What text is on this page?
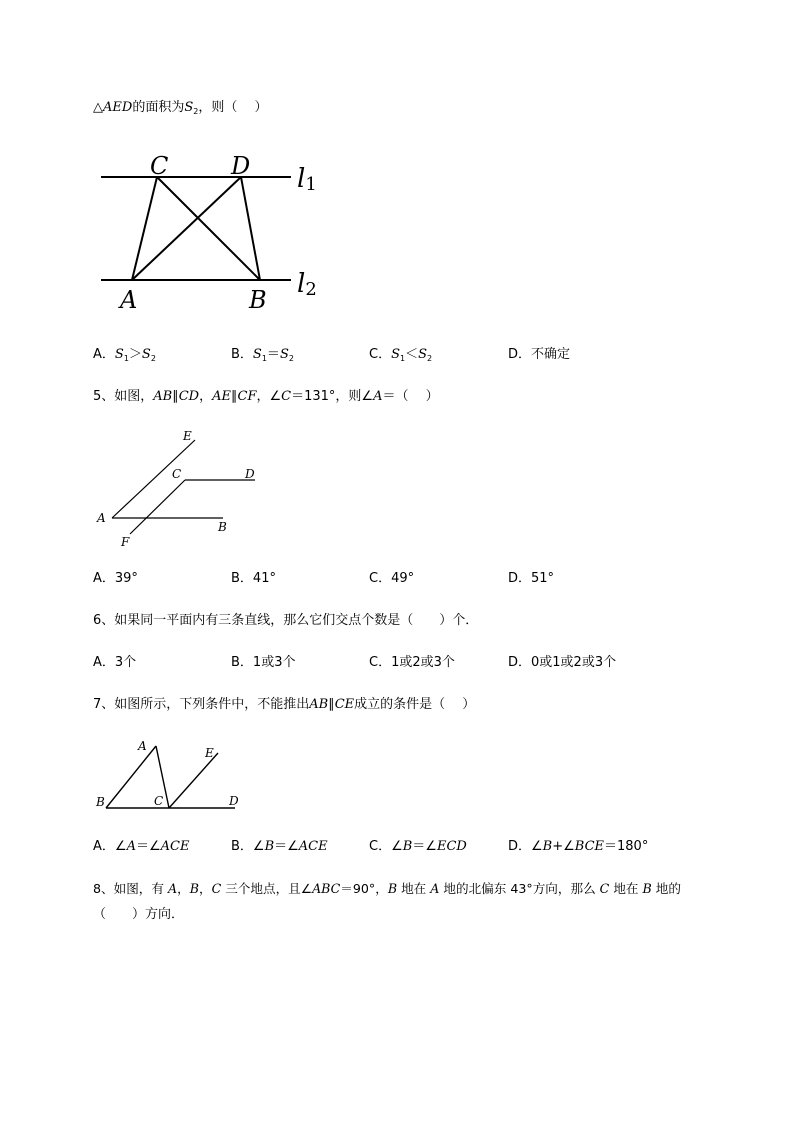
△AED的面积为$S_2$，则（　 ）
C	D
A	B
l1
l2
A．$S_1>S_2$	B．$S_1=S_2$	C．$S_1<S_2$	D．不确定
5、如图，AB∥CD，AE∥CF，∠C＝131°，则∠A＝（　 ）
E
C	D
A
B
F
A．39°	B．41°	C．49°	D．51°
6、如果同一平面内有三条直线，那么它们交点个数是（　　）个．
A．3个	B．1或3个	C．1或2或3个	D．0或1或2或3个
7、如图所示，下列条件中，不能推出AB∥CE成立的条件是（　 ）
A	E
B	C	D
A．∠A＝∠ACE	B．∠B＝∠ACE	C．∠B＝∠ECD	D．∠B+∠BCE＝180°
8、如图，有 A，B，C 三个地点，且∠ABC＝90°，B 地在 A 地的北偏东 43°方向，那么 C 地在 B 地的
（　　）方向．
